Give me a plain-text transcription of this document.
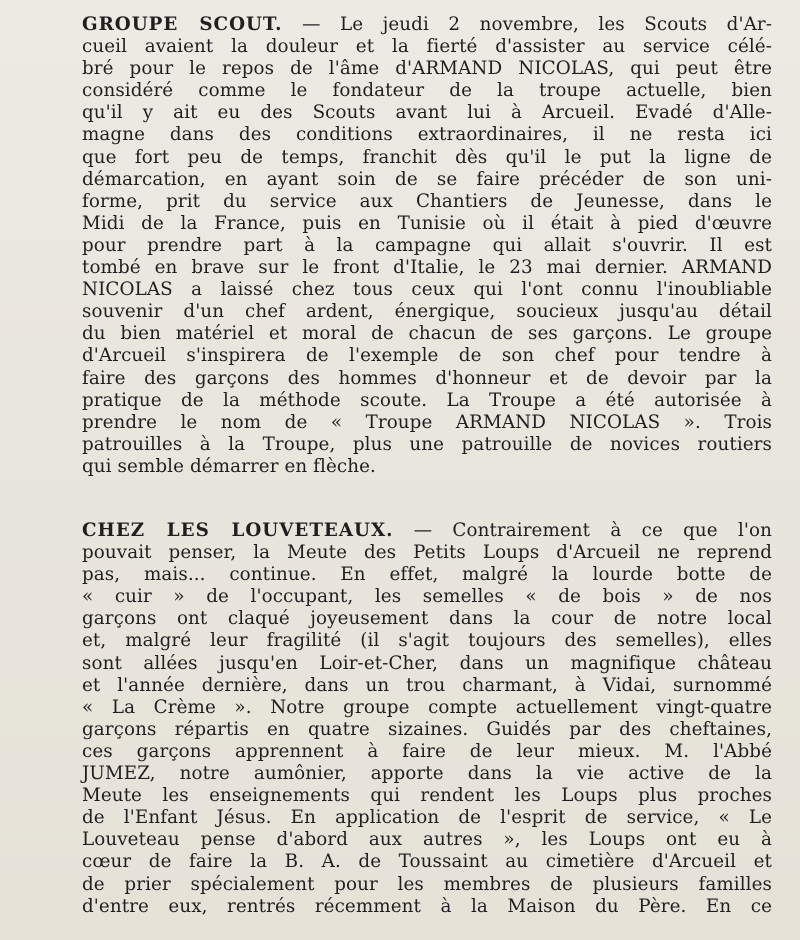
GROUPE SCOUT. — Le jeudi 2 novembre, les Scouts d'Ar-
cueil avaient la douleur et la fierté d'assister au service célé-
bré pour le repos de l'âme d'ARMAND NICOLAS, qui peut être
considéré comme le fondateur de la troupe actuelle, bien
qu'il y ait eu des Scouts avant lui à Arcueil. Evadé d'Alle-
magne dans des conditions extraordinaires, il ne resta ici
que fort peu de temps, franchit dès qu'il le put la ligne de
démarcation, en ayant soin de se faire précéder de son uni-
forme, prit du service aux Chantiers de Jeunesse, dans le
Midi de la France, puis en Tunisie où il était à pied d'œuvre
pour prendre part à la campagne qui allait s'ouvrir. Il est
tombé en brave sur le front d'Italie, le 23 mai dernier. ARMAND
NICOLAS a laissé chez tous ceux qui l'ont connu l'inoubliable
souvenir d'un chef ardent, énergique, soucieux jusqu'au détail
du bien matériel et moral de chacun de ses garçons. Le groupe
d'Arcueil s'inspirera de l'exemple de son chef pour tendre à
faire des garçons des hommes d'honneur et de devoir par la
pratique de la méthode scoute. La Troupe a été autorisée à
prendre le nom de « Troupe ARMAND NICOLAS ». Trois
patrouilles à la Troupe, plus une patrouille de novices routiers
qui semble démarrer en flèche.
CHEZ LES LOUVETEAUX. — Contrairement à ce que l'on
pouvait penser, la Meute des Petits Loups d'Arcueil ne reprend
pas, mais... continue. En effet, malgré la lourde botte de
« cuir » de l'occupant, les semelles « de bois » de nos
garçons ont claqué joyeusement dans la cour de notre local
et, malgré leur fragilité (il s'agit toujours des semelles), elles
sont allées jusqu'en Loir-et-Cher, dans un magnifique château
et l'année dernière, dans un trou charmant, à Vidai, surnommé
« La Crème ». Notre groupe compte actuellement vingt-quatre
garçons répartis en quatre sizaines. Guidés par des cheftaines,
ces garçons apprennent à faire de leur mieux. M. l'Abbé
JUMEZ, notre aumônier, apporte dans la vie active de la
Meute les enseignements qui rendent les Loups plus proches
de l'Enfant Jésus. En application de l'esprit de service, « Le
Louveteau pense d'abord aux autres », les Loups ont eu à
cœur de faire la B. A. de Toussaint au cimetière d'Arcueil et
de prier spécialement pour les membres de plusieurs familles
d'entre eux, rentrés récemment à la Maison du Père. En ce
